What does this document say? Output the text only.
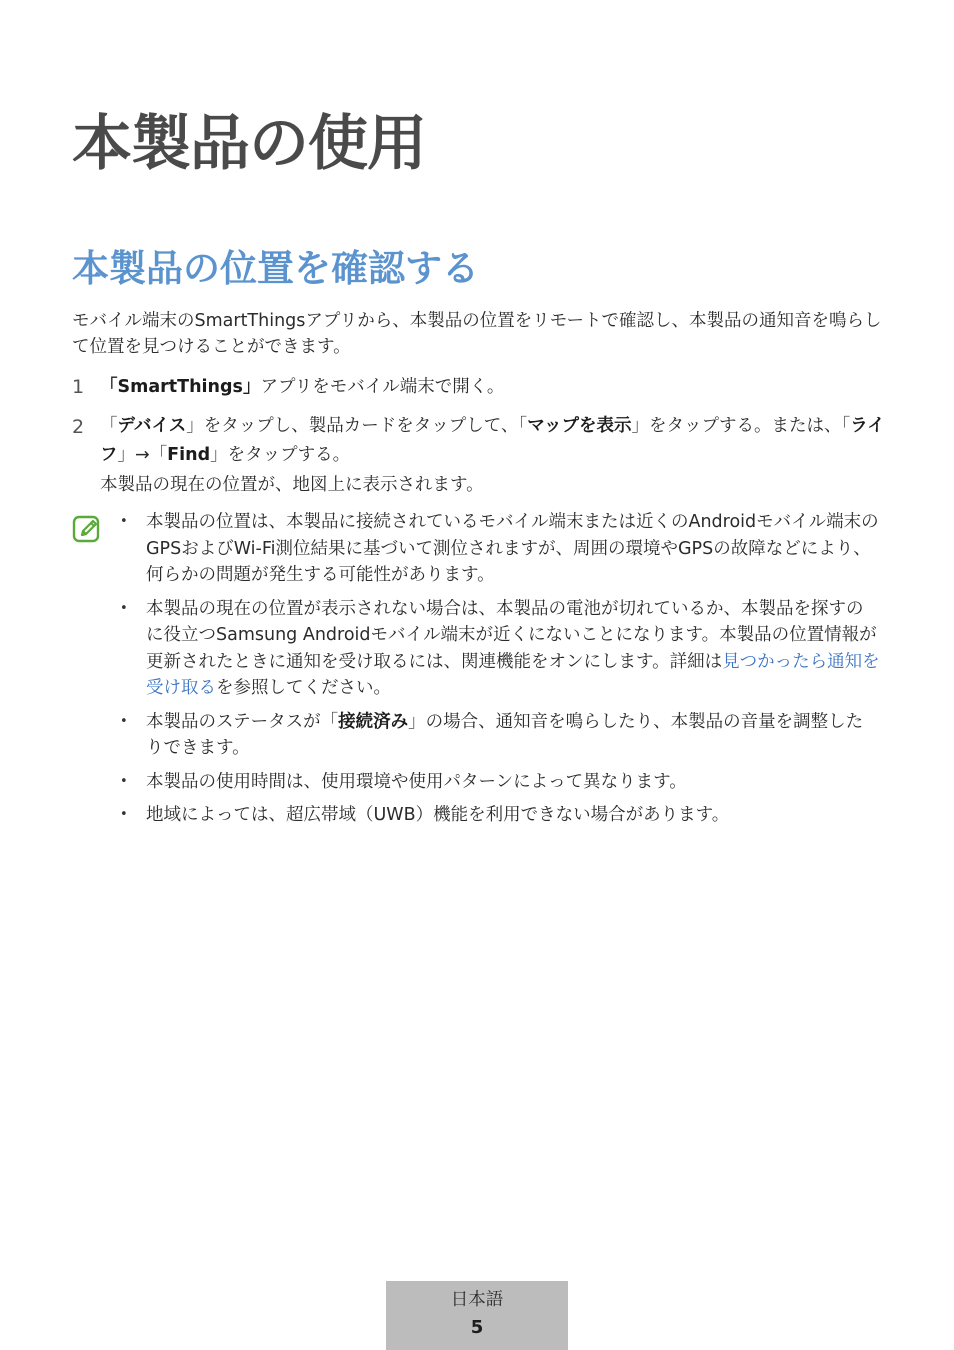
本製品の使用
本製品の位置を確認する

モバイル端末のSmartThingsアプリから、本製品の位置をリモートで確認し、本製品の通知音を鳴らして位置を見つけることができます。

1 「SmartThings」アプリをモバイル端末で開く。
2 「デバイス」をタップし、製品カードをタップして、「マップを表示」をタップする。または、「ライフ」→「Find」をタップする。
本製品の現在の位置が、地図上に表示されます。
• 本製品の位置は、本製品に接続されているモバイル端末または近くのAndroidモバイル端末のGPSおよびWi-Fi測位結果に基づいて測位されますが、周囲の環境やGPSの故障などにより、何らかの問題が発生する可能性があります。
• 本製品の現在の位置が表示されない場合は、本製品の電池が切れているか、本製品を探すのに役立つSamsung Androidモバイル端末が近くにないことになります。本製品の位置情報が更新されたときに通知を受け取るには、関連機能をオンにします。詳細は見つかったら通知を受け取るを参照してください。
• 本製品のステータスが「接続済み」の場合、通知音を鳴らしたり、本製品の音量を調整したりできます。
• 本製品の使用時間は、使用環境や使用パターンによって異なります。
• 地域によっては、超広帯域（UWB）機能を利用できない場合があります。
日本語
5
